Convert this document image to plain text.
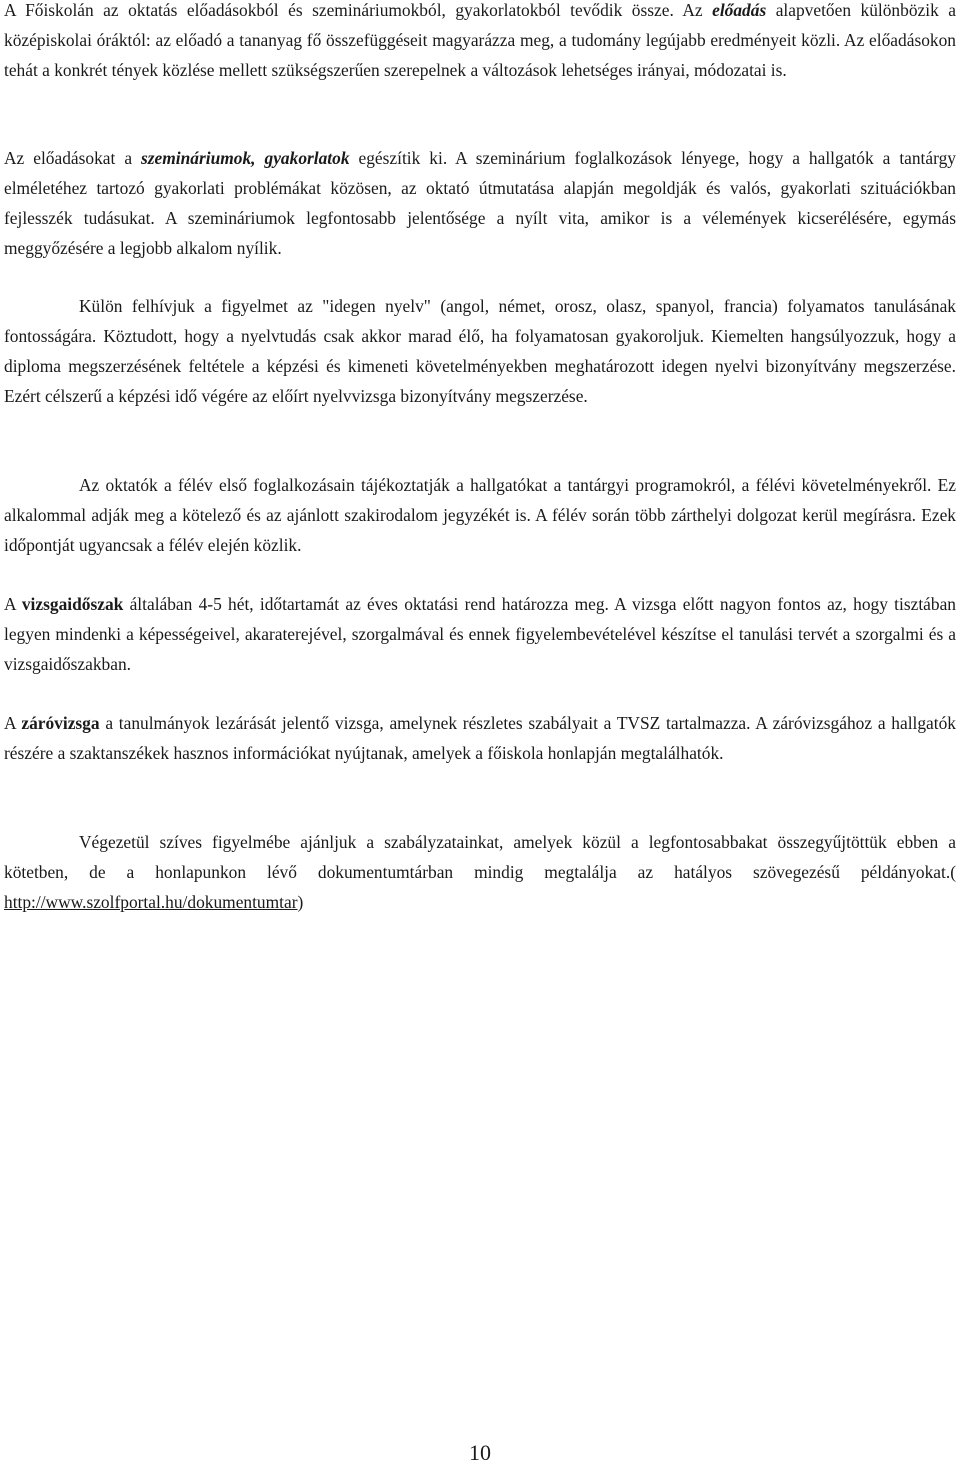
A Főiskolán az oktatás előadásokból és szemináriumokból, gyakorlatokból tevődik össze. Az előadás alapvetően különbözik a középiskolai óráktól: az előadó a tananyag fő összefüggéseit magyarázza meg, a tudomány legújabb eredményeit közli. Az előadásokon tehát a konkrét tények közlése mellett szükségszerűen szerepelnek a változások lehetséges irányai, módozatai is.

Az előadásokat a szemináriumok, gyakorlatok egészítik ki. A szeminárium foglalkozások lényege, hogy a hallgatók a tantárgy elméletéhez tartozó gyakorlati problémákat közösen, az oktató útmutatása alapján megoldják és valós, gyakorlati szituációkban fejlesszék tudásukat. A szemináriumok legfontosabb jelentősége a nyílt vita, amikor is a vélemények kicserélésére, egymás meggyőzésére a legjobb alkalom nyílik.

Külön felhívjuk a figyelmet az "idegen nyelv" (angol, német, orosz, olasz, spanyol, francia) folyamatos tanulásának fontosságára. Köztudott, hogy a nyelvtudás csak akkor marad élő, ha folyamatosan gyakoroljuk. Kiemelten hangsúlyozzuk, hogy a diploma megszerzésének feltétele a képzési és kimeneti követelményekben meghatározott idegen nyelvi bizonyítvány megszerzése. Ezért célszerű a képzési idő végére az előírt nyelvvizsga bizonyítvány megszerzése.

Az oktatók a félév első foglalkozásain tájékoztatják a hallgatókat a tantárgyi programokról, a félévi követelményekről. Ez alkalommal adják meg a kötelező és az ajánlott szakirodalom jegyzékét is. A félév során több zárthelyi dolgozat kerül megírásra. Ezek időpontját ugyancsak a félév elején közlik.

A vizsgaidőszak általában 4-5 hét, időtartamát az éves oktatási rend határozza meg. A vizsga előtt nagyon fontos az, hogy tisztában legyen mindenki a képességeivel, akaraterejével, szorgalmával és ennek figyelembevételével készítse el tanulási tervét a szorgalmi és a vizsgaidőszakban.

A záróvizsga a tanulmányok lezárását jelentő vizsga, amelynek részletes szabályait a TVSZ tartalmazza. A záróvizsgához a hallgatók részére a szaktanszékek hasznos információkat nyújtanak, amelyek a főiskola honlapján megtalálhatók.

Végezetül szíves figyelmébe ajánljuk a szabályzatainkat, amelyek közül a legfontosabbakat összegyűjtöttük ebben a kötetben, de a honlapunkon lévő dokumentumtárban mindig megtalálja az hatályos szövegezésű példányokat.( http://www.szolfportal.hu/dokumentumtar)

10
